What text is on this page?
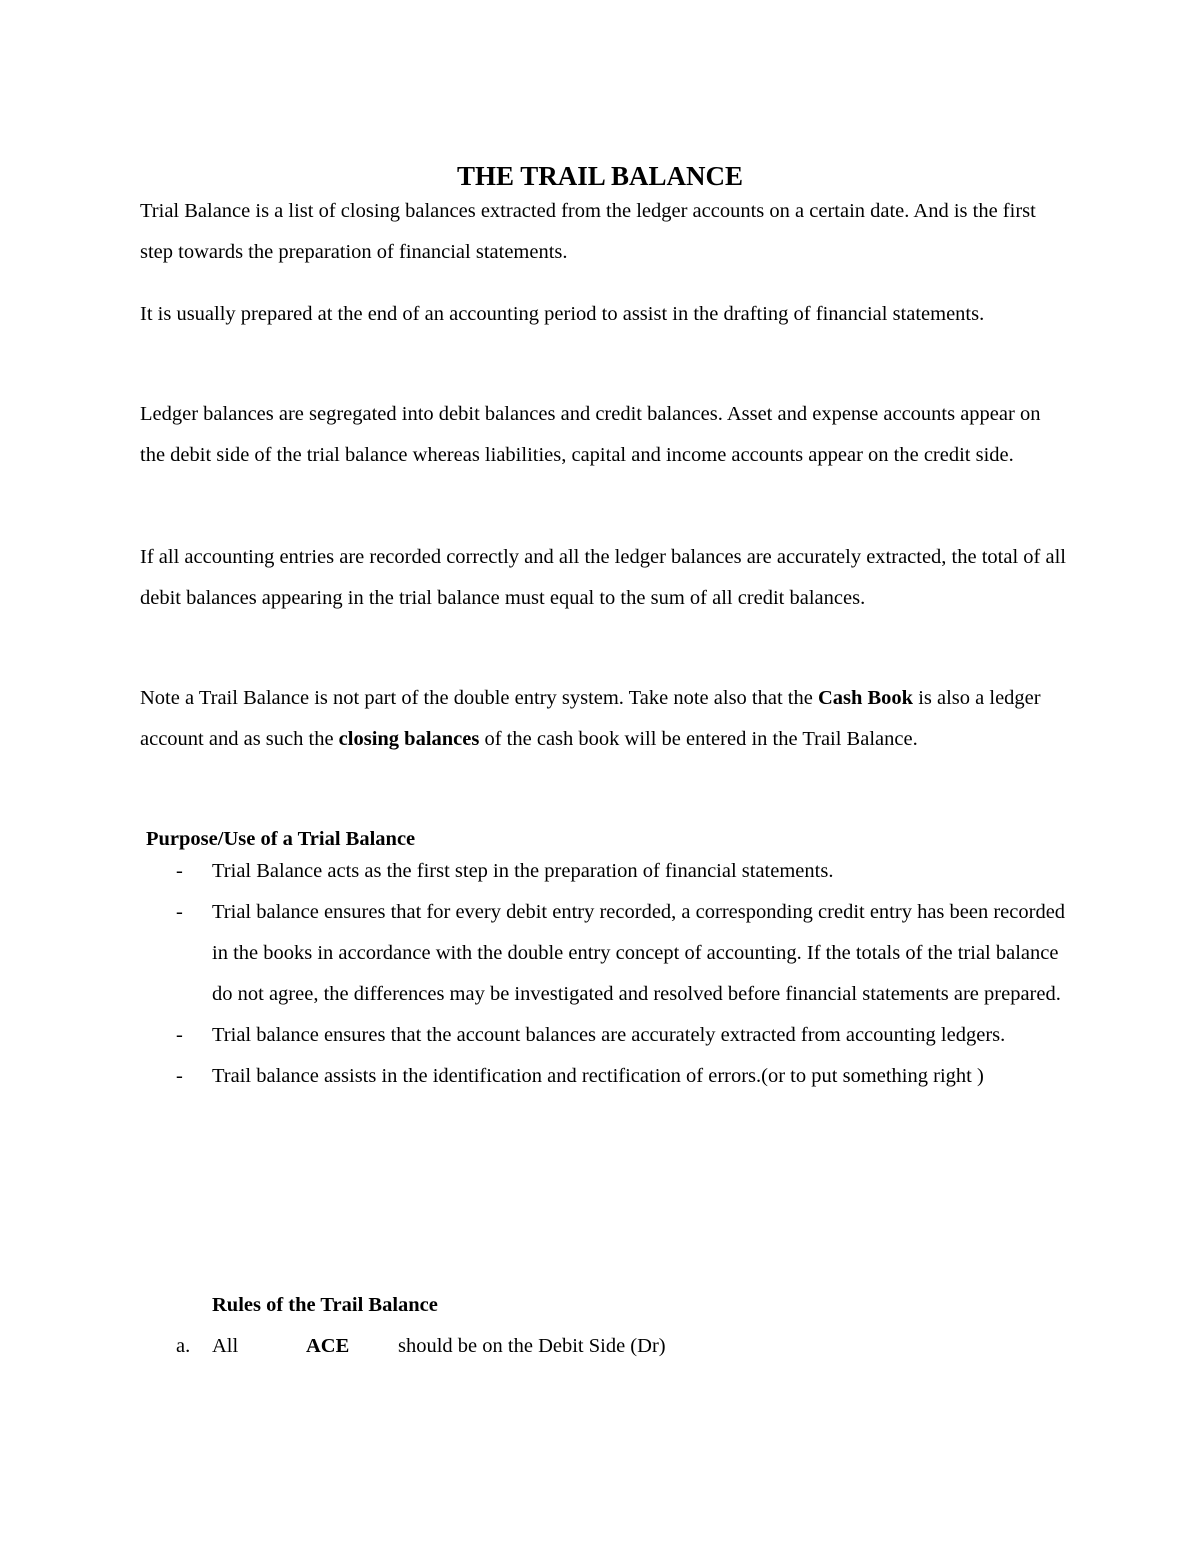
THE TRAIL BALANCE

Trial Balance is a list of closing balances extracted from the ledger accounts on a certain date. And is the first step towards the preparation of financial statements.

It is usually prepared at the end of an accounting period to assist in the drafting of financial statements.

Ledger balances are segregated into debit balances and credit balances. Asset and expense accounts appear on the debit side of the trial balance whereas liabilities, capital and income accounts appear on the credit side.

If all accounting entries are recorded correctly and all the ledger balances are accurately extracted, the total of all debit balances appearing in the trial balance must equal to the sum of all credit balances.

Note a Trail Balance is not part of the double entry system. Take note also that the Cash Book is also a ledger account and as such the closing balances of the cash book will be entered in the Trail Balance.

Purpose/Use of a Trial Balance
- Trial Balance acts as the first step in the preparation of financial statements.
- Trial balance ensures that for every debit entry recorded, a corresponding credit entry has been recorded in the books in accordance with the double entry concept of accounting. If the totals of the trial balance do not agree, the differences may be investigated and resolved before financial statements are prepared.
- Trial balance ensures that the account balances are accurately extracted from accounting ledgers.
- Trail balance assists in the identification and rectification of errors.(or to put something right )
Rules of the Trail Balance
a. All	ACE should be on the Debit Side (Dr)
